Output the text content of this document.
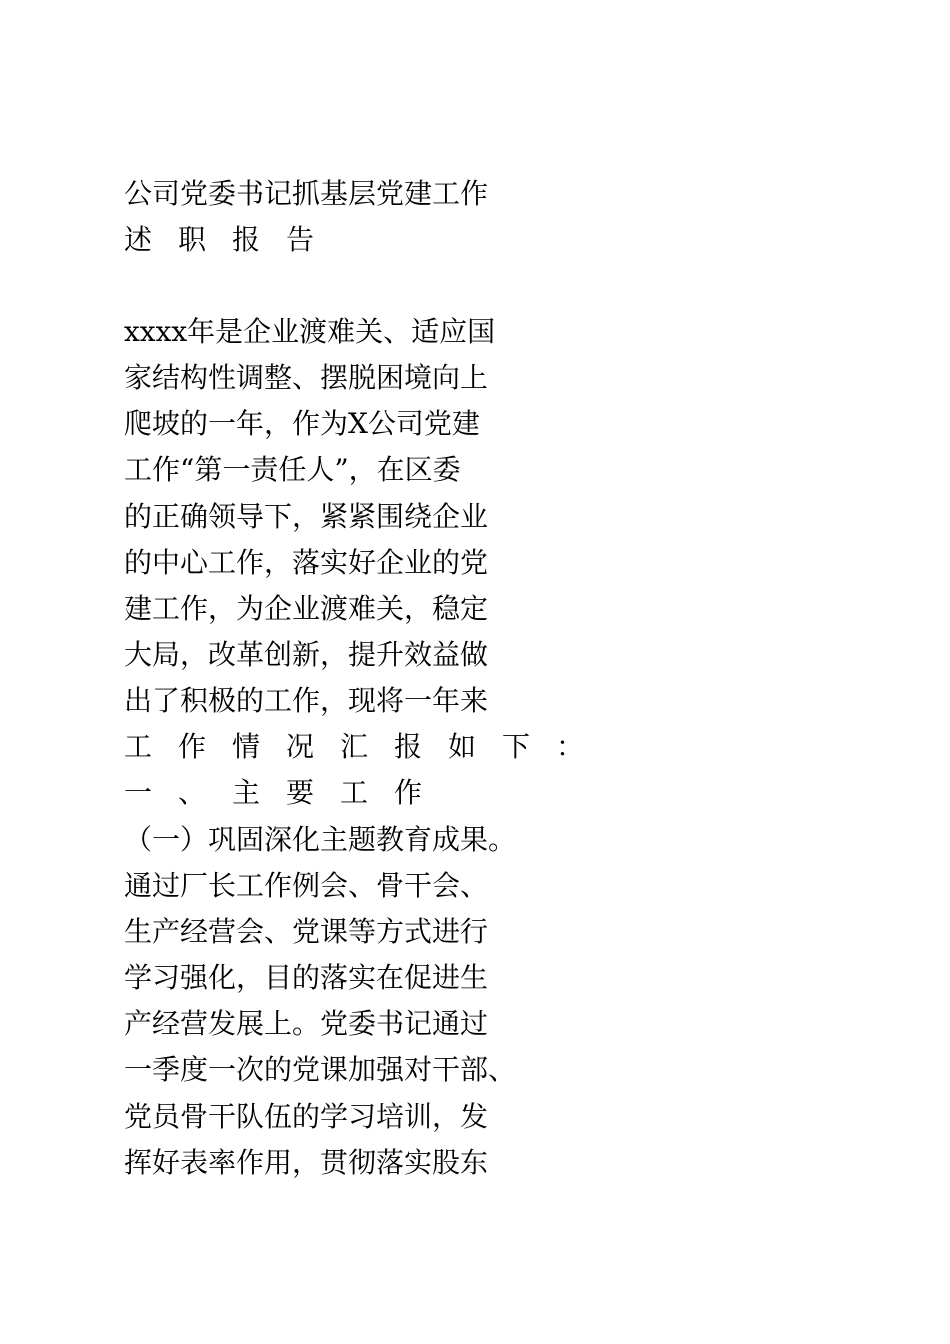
公司党委书记抓基层党建工作
述职报告
xxxx年是企业渡难关、适应国
家结构性调整、摆脱困境向上
爬坡的一年，作为X公司党建
工作“第一责任人”，在区委
的正确领导下，紧紧围绕企业
的中心工作，落实好企业的党
建工作，为企业渡难关，稳定
大局，改革创新，提升效益做
出了积极的工作，现将一年来
工作情况汇报如下：
一、主要工作
（一）巩固深化主题教育成果。
通过厂长工作例会、骨干会、
生产经营会、党课等方式进行
学习强化，目的落实在促进生
产经营发展上。党委书记通过
一季度一次的党课加强对干部、
党员骨干队伍的学习培训，发
挥好表率作用，贯彻落实股东
